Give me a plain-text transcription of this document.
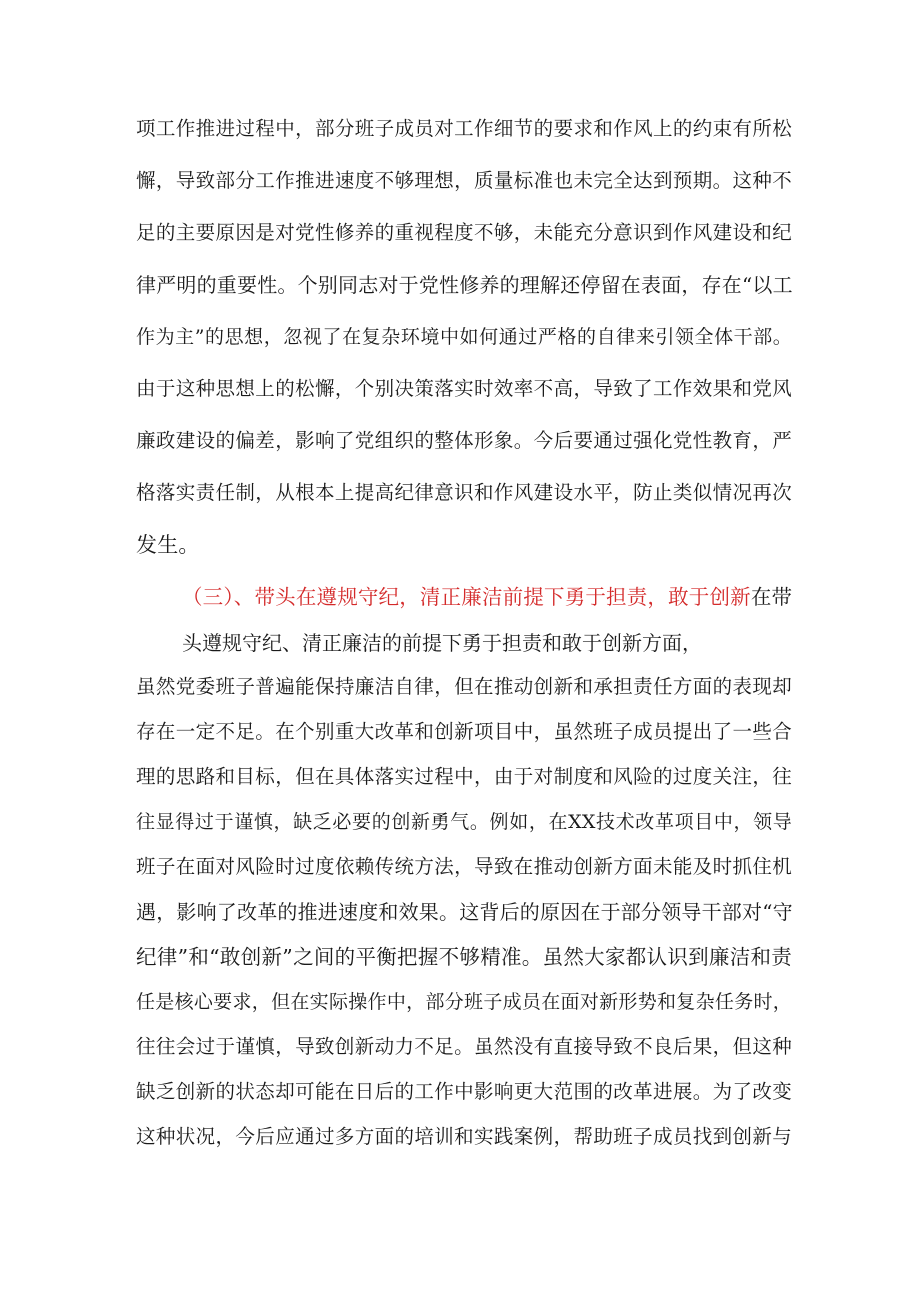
项工作推进过程中，部分班子成员对工作细节的要求和作风上的约束有所松
懈，导致部分工作推进速度不够理想，质量标准也未完全达到预期。这种不
足的主要原因是对党性修养的重视程度不够，未能充分意识到作风建设和纪
律严明的重要性。个别同志对于党性修养的理解还停留在表面，存在“以工
作为主”的思想，忽视了在复杂环境中如何通过严格的自律来引领全体干部。
由于这种思想上的松懈，个别决策落实时效率不高，导致了工作效果和党风
廉政建设的偏差，影响了党组织的整体形象。今后要通过强化党性教育，严
格落实责任制，从根本上提高纪律意识和作风建设水平，防止类似情况再次
发生。
（三）、带头在遵规守纪，清正廉洁前提下勇于担责，敢于创新在带
头遵规守纪、清正廉洁的前提下勇于担责和敢于创新方面，
虽然党委班子普遍能保持廉洁自律，但在推动创新和承担责任方面的表现却
存在一定不足。在个别重大改革和创新项目中，虽然班子成员提出了一些合
理的思路和目标，但在具体落实过程中，由于对制度和风险的过度关注，往
往显得过于谨慎，缺乏必要的创新勇气。例如，在XX技术改革项目中，领导
班子在面对风险时过度依赖传统方法，导致在推动创新方面未能及时抓住机
遇，影响了改革的推进速度和效果。这背后的原因在于部分领导干部对“守
纪律”和“敢创新”之间的平衡把握不够精准。虽然大家都认识到廉洁和责
任是核心要求，但在实际操作中，部分班子成员在面对新形势和复杂任务时，
往往会过于谨慎，导致创新动力不足。虽然没有直接导致不良后果，但这种
缺乏创新的状态却可能在日后的工作中影响更大范围的改革进展。为了改变
这种状况，今后应通过多方面的培训和实践案例，帮助班子成员找到创新与
